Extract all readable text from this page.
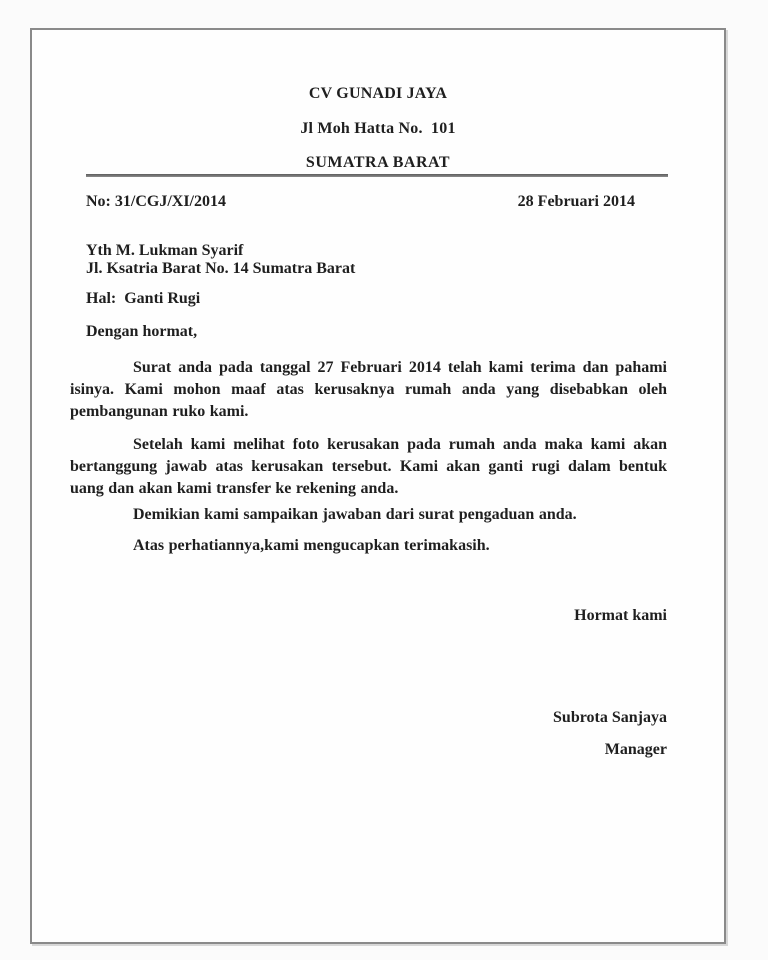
CV GUNADI JAYA
Jl Moh Hatta No.  101
SUMATRA BARAT
No: 31/CGJ/XI/2014	28 Februari 2014
Yth M. Lukman Syarif
Jl. Ksatria Barat No. 14 Sumatra Barat
Hal:  Ganti Rugi
Dengan hormat,

Surat anda pada tanggal 27 Februari 2014 telah kami terima dan pahami isinya. Kami mohon maaf atas kerusaknya rumah anda yang disebabkan oleh pembangunan ruko kami.

Setelah kami melihat foto kerusakan pada rumah anda maka kami akan bertanggung jawab atas kerusakan tersebut. Kami akan ganti rugi dalam bentuk uang dan akan kami transfer ke rekening anda.

Demikian kami sampaikan jawaban dari surat pengaduan anda.

Atas perhatiannya,kami mengucapkan terimakasih.

Hormat kami
Subrota Sanjaya
Manager
